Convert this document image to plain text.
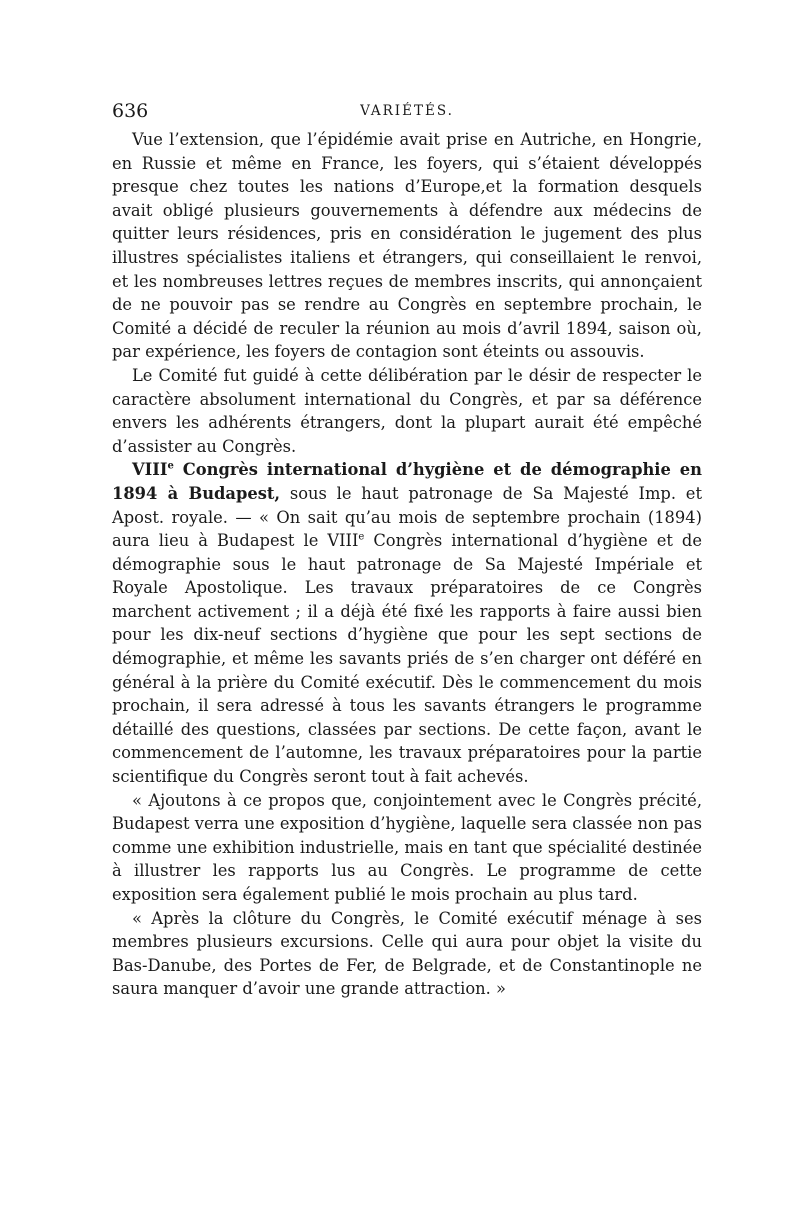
636	VARIÉTÉS.

Vue l’extension, que l’épidémie avait prise en Autriche, en Hongrie, en Russie et même en France, les foyers, qui s’étaient développés presque chez toutes les nations d’Europe,et la formation desquels avait obligé plusieurs gouvernements à défendre aux médecins de quitter leurs résidences, pris en considération le jugement des plus illustres spécialistes italiens et étrangers, qui conseillaient le renvoi, et les nombreuses lettres reçues de membres inscrits, qui annonçaient de ne pouvoir pas se rendre au Congrès en septembre prochain, le Comité a décidé de reculer la réunion au mois d’avril 1894, saison où, par expérience, les foyers de contagion sont éteints ou assouvis.

Le Comité fut guidé à cette délibération par le désir de respecter le caractère absolument international du Congrès, et par sa déférence envers les adhérents étrangers, dont la plupart aurait été empêché d’assister au Congrès.

VIIIe Congrès international d’hygiène et de démographie en 1894 à Budapest, sous le haut patronage de Sa Majesté Imp. et Apost. royale. — « On sait qu’au mois de septembre prochain (1894) aura lieu à Budapest le VIIIe Congrès international d’hygiène et de démographie sous le haut patronage de Sa Majesté Impériale et Royale Apostolique. Les travaux préparatoires de ce Congrès marchent activement ; il a déjà été fixé les rapports à faire aussi bien pour les dix-neuf sections d’hygiène que pour les sept sections de démographie, et même les savants priés de s’en charger ont déféré en général à la prière du Comité exécutif. Dès le commencement du mois prochain, il sera adressé à tous les savants étrangers le programme détaillé des questions, classées par sections. De cette façon, avant le commencement de l’automne, les travaux préparatoires pour la partie scientifique du Congrès seront tout à fait achevés.

« Ajoutons à ce propos que, conjointement avec le Congrès précité, Budapest verra une exposition d’hygiène, laquelle sera classée non pas comme une exhibition industrielle, mais en tant que spécialité destinée à illustrer les rapports lus au Congrès. Le programme de cette exposition sera également publié le mois prochain au plus tard.

« Après la clôture du Congrès, le Comité exécutif ménage à ses membres plusieurs excursions. Celle qui aura pour objet la visite du Bas-Danube, des Portes de Fer, de Belgrade, et de Constantinople ne saura manquer d’avoir une grande attraction. »
